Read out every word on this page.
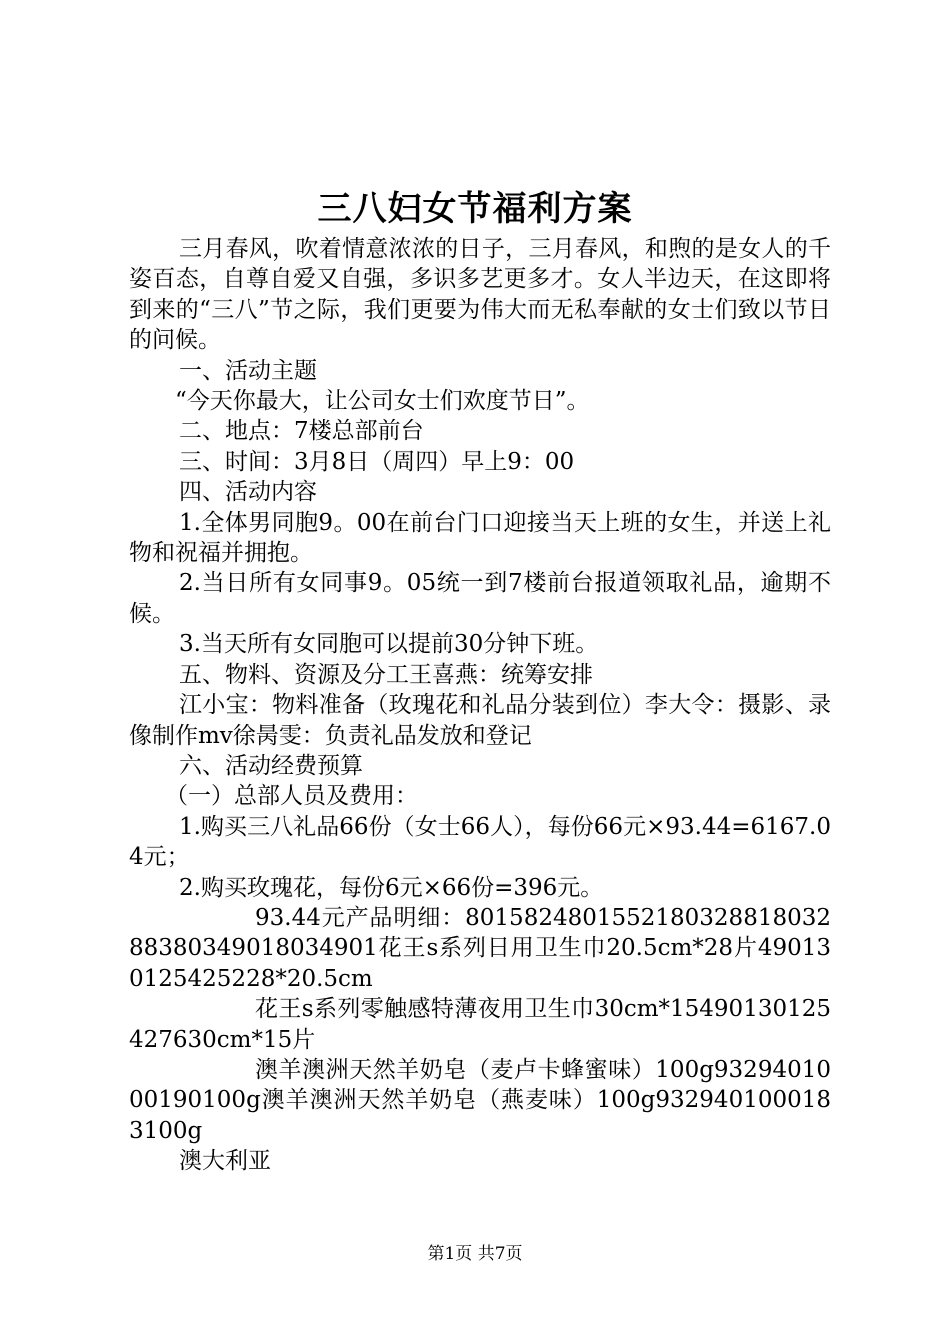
三八妇女节福利方案

三月春风，吹着情意浓浓的日子，三月春风，和煦的是女人的千姿百态，自尊自爱又自强，多识多艺更多才。女人半边天，在这即将到来的“三八”节之际，我们更要为伟大而无私奉献的女士们致以节日的问候。

一、活动主题

“今天你最大，让公司女士们欢度节日”。

二、地点：7楼总部前台

三、时间：3月8日（周四）早上9：00

四、活动内容

1.全体男同胞9。00在前台门口迎接当天上班的女生，并送上礼物和祝福并拥抱。

2.当日所有女同事9。05统一到7楼前台报道领取礼品，逾期不候。

3.当天所有女同胞可以提前30分钟下班。

五、物料、资源及分工王喜燕：统筹安排

江小宝：物料准备（玫瑰花和礼品分装到位）李大令：摄影、录像制作mv徐昺雯：负责礼品发放和登记

六、活动经费预算

（一）总部人员及费用：

1.购买三八礼品66份（女士66人），每份66元×93.44=6167.04元；

2.购买玫瑰花，每份6元×66份=396元。

93.44元产品明细：801582480155218032881803288380349018034901花王s系列日用卫生巾20.5cm*28片490130125425228*20.5cm

花王s系列零触感特薄夜用卫生巾30cm*15490130125427630cm*15片

澳羊澳洲天然羊奶皂（麦卢卡蜂蜜味）100g9329401000190100g澳羊澳洲天然羊奶皂（燕麦味）100g9329401000183100g

澳大利亚

第1页 共7页
